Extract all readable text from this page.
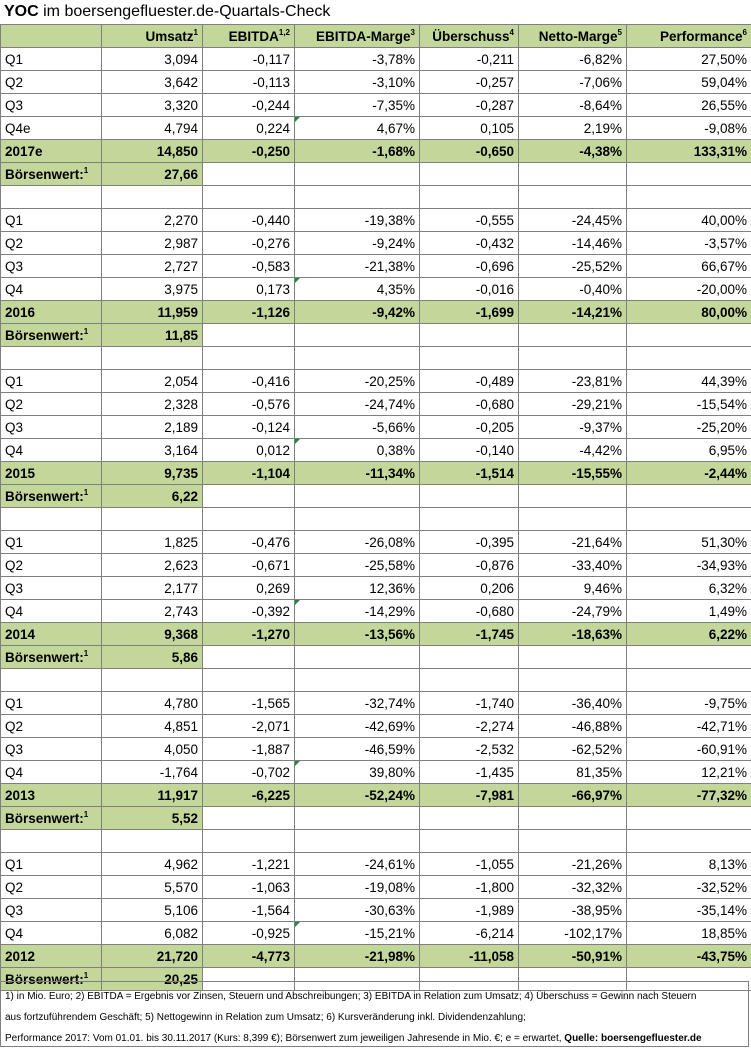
YOC im boersengefluester.de-Quartals-Check
	Umsatz$^1$	EBITDA$^{1,2}$	EBITDA-Marge$^3$	Überschuss$^4$	Netto-Marge$^5$	Performance$^6$
Q1	3,094	-0,117	-3,78%	-0,211	-6,82%	27,50%
Q2	3,642	-0,113	-3,10%	-0,257	-7,06%	59,04%
Q3	3,320	-0,244	-7,35%	-0,287	-8,64%	26,55%
Q4e	4,794	0,224	4,67%	0,105	2,19%	-9,08%
2017e	14,850	-0,250	-1,68%	-0,650	-4,38%	133,31%
Börsenwert:$^1$	27,66					

Q1	2,270	-0,440	-19,38%	-0,555	-24,45%	40,00%
Q2	2,987	-0,276	-9,24%	-0,432	-14,46%	-3,57%
Q3	2,727	-0,583	-21,38%	-0,696	-25,52%	66,67%
Q4	3,975	0,173	4,35%	-0,016	-0,40%	-20,00%
2016	11,959	-1,126	-9,42%	-1,699	-14,21%	80,00%
Börsenwert:$^1$	11,85					

Q1	2,054	-0,416	-20,25%	-0,489	-23,81%	44,39%
Q2	2,328	-0,576	-24,74%	-0,680	-29,21%	-15,54%
Q3	2,189	-0,124	-5,66%	-0,205	-9,37%	-25,20%
Q4	3,164	0,012	0,38%	-0,140	-4,42%	6,95%
2015	9,735	-1,104	-11,34%	-1,514	-15,55%	-2,44%
Börsenwert:$^1$	6,22					

Q1	1,825	-0,476	-26,08%	-0,395	-21,64%	51,30%
Q2	2,623	-0,671	-25,58%	-0,876	-33,40%	-34,93%
Q3	2,177	0,269	12,36%	0,206	9,46%	6,32%
Q4	2,743	-0,392	-14,29%	-0,680	-24,79%	1,49%
2014	9,368	-1,270	-13,56%	-1,745	-18,63%	6,22%
Börsenwert:$^1$	5,86					

Q1	4,780	-1,565	-32,74%	-1,740	-36,40%	-9,75%
Q2	4,851	-2,071	-42,69%	-2,274	-46,88%	-42,71%
Q3	4,050	-1,887	-46,59%	-2,532	-62,52%	-60,91%
Q4	-1,764	-0,702	39,80%	-1,435	81,35%	12,21%
2013	11,917	-6,225	-52,24%	-7,981	-66,97%	-77,32%
Börsenwert:$^1$	5,52					

Q1	4,962	-1,221	-24,61%	-1,055	-21,26%	8,13%
Q2	5,570	-1,063	-19,08%	-1,800	-32,32%	-32,52%
Q3	5,106	-1,564	-30,63%	-1,989	-38,95%	-35,14%
Q4	6,082	-0,925	-15,21%	-6,214	-102,17%	18,85%
2012	21,720	-4,773	-21,98%	-11,058	-50,91%	-43,75%
Börsenwert:$^1$	20,25					
1) in Mio. Euro; 2) EBITDA = Ergebnis vor Zinsen, Steuern und Abschreibungen; 3) EBITDA in Relation zum Umsatz; 4) Überschuss = Gewinn nach Steuern
aus fortzuführendem Geschäft; 5) Nettogewinn in Relation zum Umsatz; 6) Kursveränderung inkl. Dividendenzahlung;
Performance 2017: Vom 01.01. bis 30.11.2017 (Kurs: 8,399 €); Börsenwert zum jeweiligen Jahresende in Mio. €; e = erwartet, Quelle: boersengefluester.de
